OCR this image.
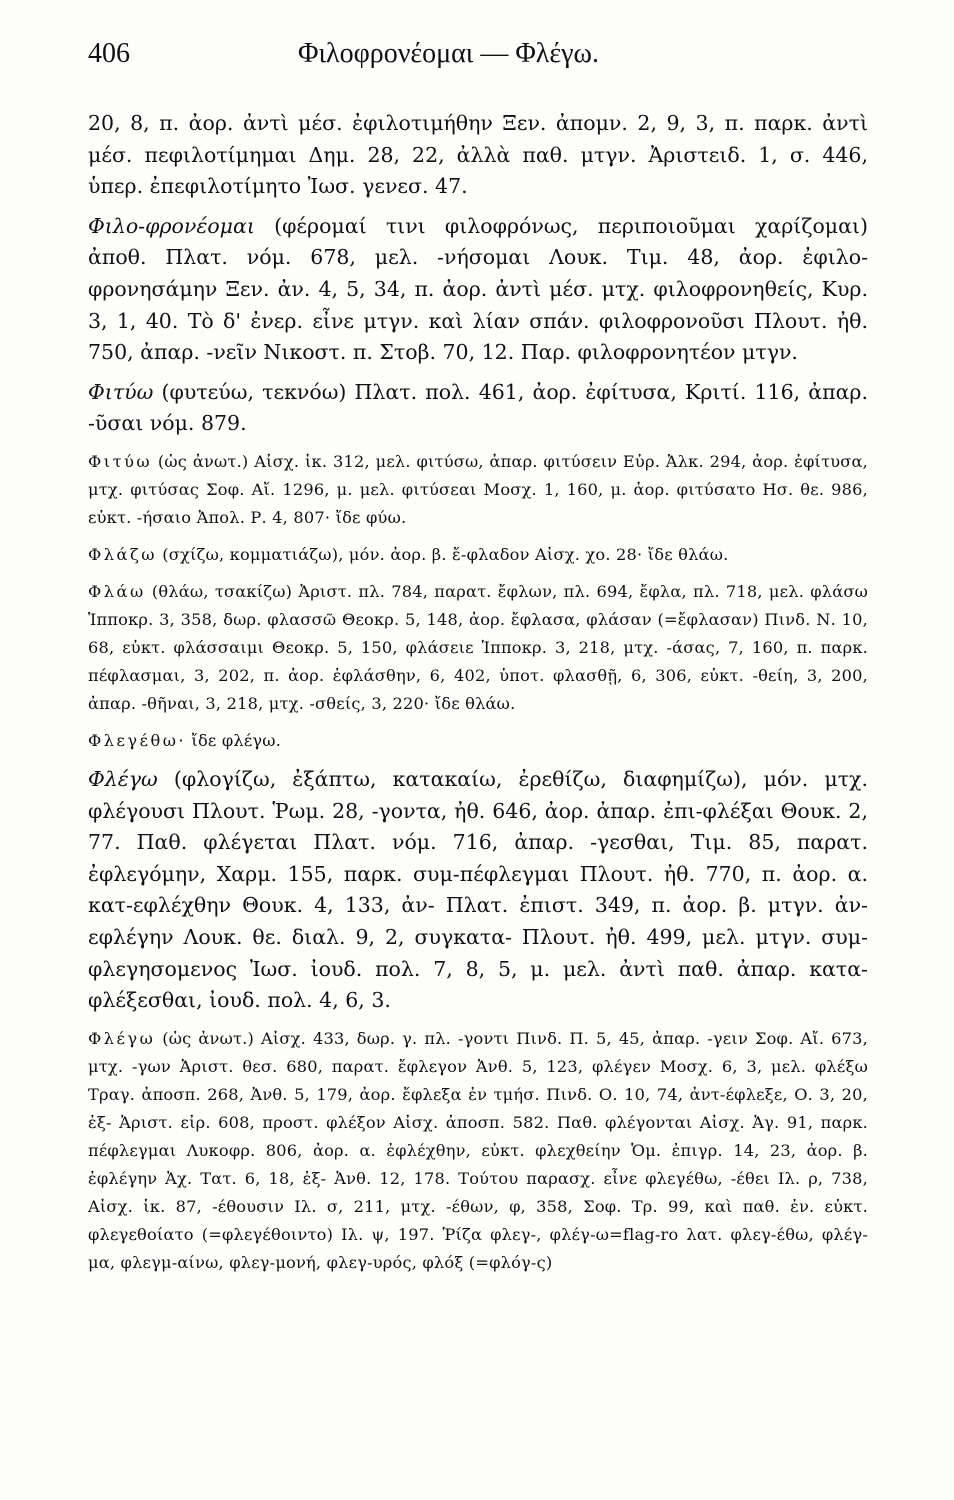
406	Φιλοφρονέομαι — Φλέγω.

20, 8, π. ἀορ. ἀντὶ μέσ. ἐφιλοτιμήθην Ξεν. ἀπομν. 2, 9, 3, π. παρκ. ἀντὶ μέσ. πεφιλοτίμημαι Δημ. 28, 22, ἀλλὰ παθ. μτγν. Ἀριστειδ. 1, σ. 446, ὑπερ. ἐπεφιλοτίμητο Ἰωσ. γενεσ. 47.

Φιλο-φρονέομαι (φέρομαί τινι φιλοφρόνως, περιποιοῦμαι χαρίζομαι) ἀποθ. Πλατ. νόμ. 678, μελ. -νήσομαι Λουκ. Τιμ. 48, ἀορ. ἐφιλο-φρονησάμην Ξεν. ἀν. 4, 5, 34, π. ἀορ. ἀντὶ μέσ. μτχ. φιλοφρονηθείς, Κυρ. 3, 1, 40. Τὸ δ' ἐνερ. εἶνε μτγν. καὶ λίαν σπάν. φιλοφρονοῦσι Πλουτ. ἠθ. 750, ἀπαρ. -νεῖν Νικοστ. π. Στοβ. 70, 12. Παρ. φιλοφρονητέον μτγν.

Φιτύω (φυτεύω, τεκνόω) Πλατ. πολ. 461, ἀορ. ἐφίτυσα, Κριτί. 116, ἀπαρ. -ῦσαι νόμ. 879.

Φιτύω (ὡς ἀνωτ.) Αἰσχ. ἱκ. 312, μελ. φιτύσω, ἀπαρ. φιτύσειν Εὐρ. Ἀλκ. 294, ἀορ. ἐφίτυσα, μτχ. φιτύσας Σοφ. Αἴ. 1296, μ. μελ. φιτύσεαι Μοσχ. 1, 160, μ. ἀορ. φιτύσατο Ησ. θε. 986, εὐκτ. -ήσαιο Ἀπολ. Ρ. 4, 807· ἴδε φύω.

Φλάζω (σχίζω, κομματιάζω), μόν. ἀορ. β. ἔ-φλαδον Αἰσχ. χο. 28· ἴδε θλάω.

Φλάω (θλάω, τσακίζω) Ἀριστ. πλ. 784, παρατ. ἔφλων, πλ. 694, ἔφλα, πλ. 718, μελ. φλάσω Ἱπποκρ. 3, 358, δωρ. φλασσῶ Θεοκρ. 5, 148, ἀορ. ἔφλασα, φλάσαν (=ἔφλασαν) Πινδ. Ν. 10, 68, εὐκτ. φλάσσαιμι Θεοκρ. 5, 150, φλάσειε Ἱπποκρ. 3, 218, μτχ. -άσας, 7, 160, π. παρκ. πέφλασμαι, 3, 202, π. ἀορ. ἐφλάσθην, 6, 402, ὑποτ. φλασθῇ, 6, 306, εὐκτ. -θείη, 3, 200, ἀπαρ. -θῆναι, 3, 218, μτχ. -σθείς, 3, 220· ἴδε θλάω.

Φλεγέθω· ἴδε φλέγω.

Φλέγω (φλογίζω, ἐξάπτω, κατακαίω, ἐρεθίζω, διαφημίζω), μόν. μτχ. φλέγουσι Πλουτ. Ῥωμ. 28, -γοντα, ἠθ. 646, ἀορ. ἀπαρ. ἐπι-φλέξαι Θουκ. 2, 77. Παθ. φλέγεται Πλατ. νόμ. 716, ἀπαρ. -γεσθαι, Τιμ. 85, παρατ. ἐφλεγόμην, Χαρμ. 155, παρκ. συμ-πέφλεγμαι Πλουτ. ἠθ. 770, π. ἀορ. α. κατ-εφλέχθην Θουκ. 4, 133, ἀν- Πλατ. ἐπιστ. 349, π. ἀορ. β. μτγν. ἀν-εφλέγην Λουκ. θε. διαλ. 9, 2, συγκατα- Πλουτ. ἠθ. 499, μελ. μτγν. συμ-φλεγησομενος Ἰωσ. ἰουδ. πολ. 7, 8, 5, μ. μελ. ἀντὶ παθ. ἀπαρ. κατα-φλέξεσθαι, ἰουδ. πολ. 4, 6, 3.

Φλέγω (ὡς ἀνωτ.) Αἰσχ. 433, δωρ. γ. πλ. -γοντι Πινδ. Π. 5, 45, ἀπαρ. -γειν Σοφ. Αἴ. 673, μτχ. -γων Ἀριστ. θεσ. 680, παρατ. ἔφλεγον Ἀνθ. 5, 123, φλέγεν Μοσχ. 6, 3, μελ. φλέξω Τραγ. ἀποσπ. 268, Ἀνθ. 5, 179, ἀορ. ἔφλεξα ἐν τμήσ. Πινδ. Ο. 10, 74, ἀντ-έφλεξε, Ο. 3, 20, ἐξ- Ἀριστ. εἰρ. 608, προστ. φλέξον Αἰσχ. ἀποσπ. 582. Παθ. φλέγονται Αἰσχ. Ἀγ. 91, παρκ. πέφλεγμαι Λυκοφρ. 806, ἀορ. α. ἐφλέχθην, εὐκτ. φλεχθείην Ὁμ. ἐπιγρ. 14, 23, ἀορ. β. ἐφλέγην Ἀχ. Τατ. 6, 18, ἐξ- Ἀνθ. 12, 178. Τούτου παρασχ. εἶνε φλεγέθω, -έθει Ιλ. ρ, 738, Αἰσχ. ἱκ. 87, -έθουσιν Ιλ. σ, 211, μτχ. -έθων, φ, 358, Σοφ. Τρ. 99, καὶ παθ. ἐν. εὐκτ. φλεγεθοίατο (=φλεγέθοιντο) Ιλ. ψ, 197. Ῥίζα φλεγ-, φλέγ-ω=flag-ro λατ. φλεγ-έθω, φλέγ-μα, φλεγμ-αίνω, φλεγ-μονή, φλεγ-υρός, φλόξ (=φλόγ-ς)
